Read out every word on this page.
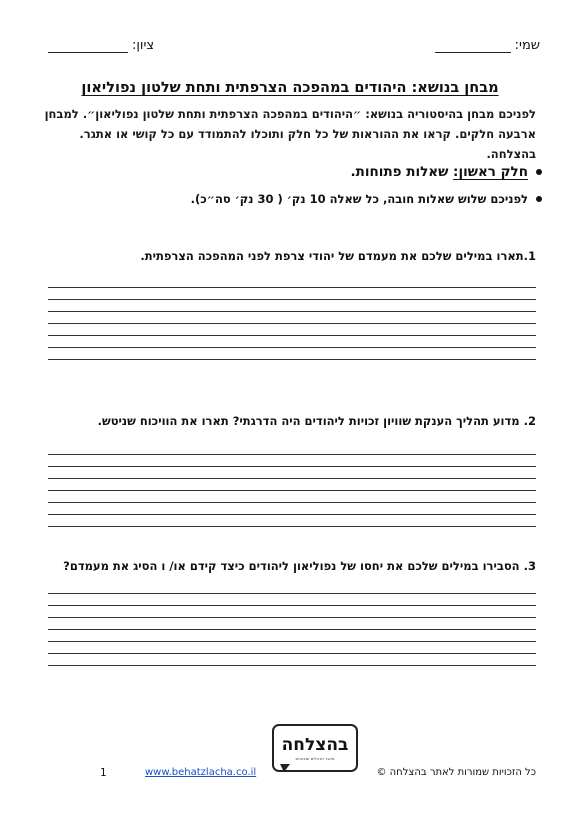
שמי:
ציון:
מבחן בנושא: היהודים במהפכה הצרפתית ותחת שלטון נפוליאון
לפניכם מבחן בהיסטוריה בנושא: ״היהודים במהפכה הצרפתית ותחת שלטון נפוליאון״. למבחן ארבעה חלקים. קראו את ההוראות של כל חלק ותוכלו להתמודד עם כל קושי או אתגר. בהצלחה.
חלק ראשון: שאלות פתוחות.
לפניכם שלוש שאלות חובה, כל שאלה 10 נק׳ ( 30 נק׳ סה״כ).
1.תארו במילים שלכם את מעמדם של יהודי צרפת לפני המהפכה הצרפתית.
2. מדוע תהליך הענקת שוויון זכויות ליהודים היה הדרגתי? תארו את הוויכוח שניטש.
3. הסבירו במילים שלכם את יחסו של נפוליאון ליהודים כיצד קידם או/ ו הסיג את מעמדם?
בהצלחה
מאגר תרגילים ומבחנים
כל הזכויות שמורות לאתר בהצלחה ©
www.behatzlacha.co.il
1
